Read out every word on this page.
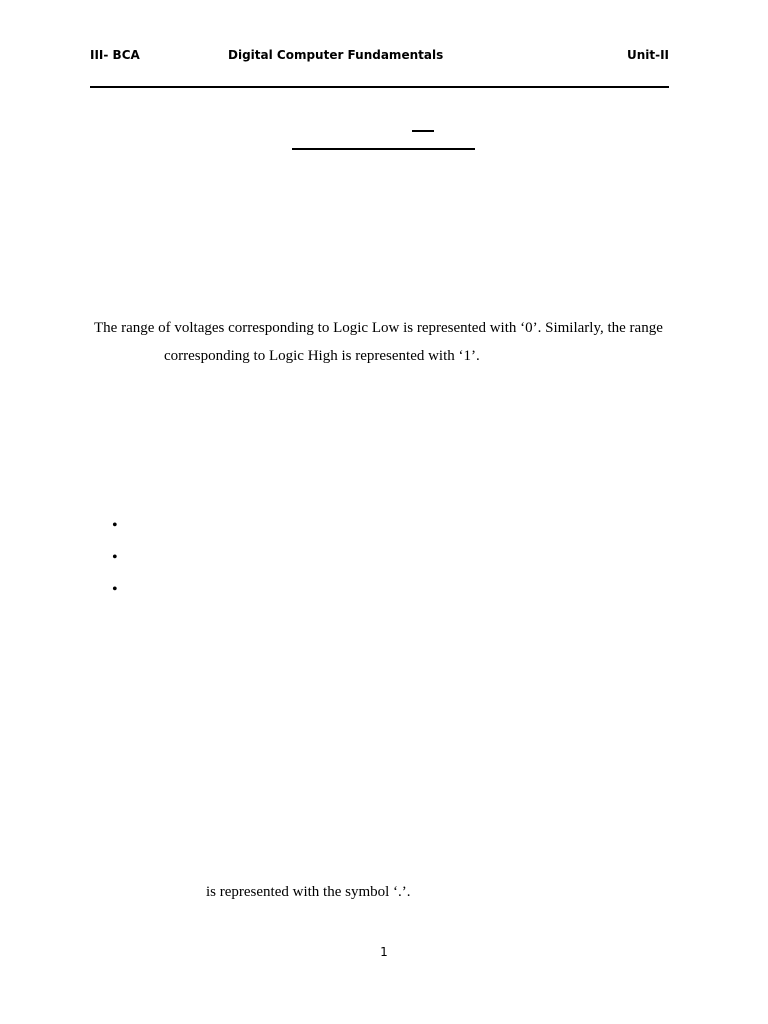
III- BCA	Digital Computer Fundamentals	Unit-II
The range of voltages corresponding to Logic Low is represented with ‘0’. Similarly, the range
corresponding to Logic High is represented with ‘1’.
•
•
•
is represented with the symbol ‘.’.
1
